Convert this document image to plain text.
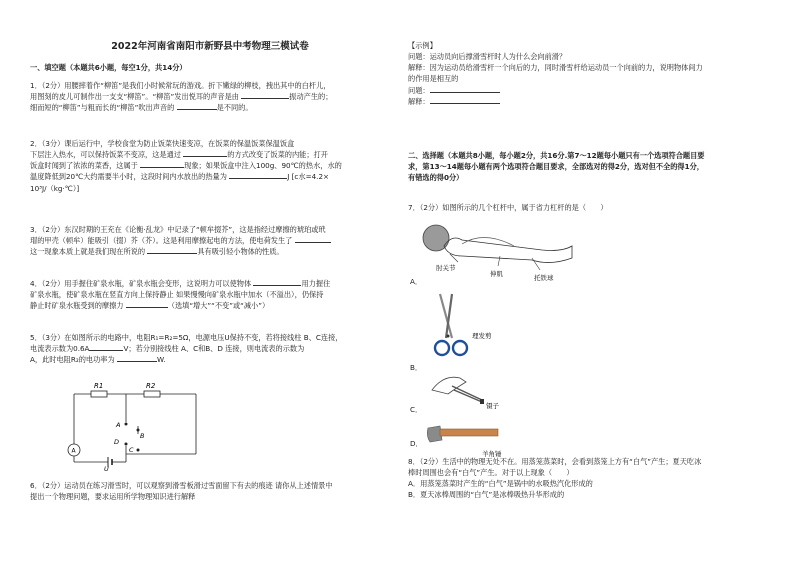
2022年河南省南阳市新野县中考物理三模试卷
一、填空题（本题共6小题，每空1分，共14分）
1．（2分）用腰摔着作“柳笛”是我们小时候常玩的游戏。折下嫩绿的柳枝，拽出其中的白杆儿，
用图刻的皮儿可制作出一支支“柳笛”。“柳笛”发出悦耳的声音是由	振动产生的；
细而短的“柳笛”与粗而长的“柳笛”吹出声音的	是不同的。
2．（3分）课后运行中，学校食堂为防止饭菜快速变凉，在饭菜的保温饭菜保温饭盒
下层注入热水，可以保持饭菜不变凉，这是通过	的方式改变了饭菜的内能；打开
饭盒时闻到了浓浓的菜香，这属于	现象；如果饭盒中注入100g、90℃的热水，水的
温度降低到20℃大约需要半小时，这段时间内水放出的热量为	J [c水=4.2×
10³J/（kg·℃）]
3．（2分）东汉时期的王充在《论衡·乱龙》中记录了“顿牟掇芥”，这是指经过摩擦的琥珀或玳
瑁的甲壳（顿牟）能吸引（掇）芥（芥）。这是利用摩擦起电的方法，使电荷发生了
这一现象本质上就是我们现在所说的	具有吸引轻小物体的性质。
4．（2分）用手握住矿泉水瓶，矿泉水瓶会变形，这说明力可以使物体	用力握住
矿泉水瓶，使矿泉水瓶在竖直方向上保持静止 如果慢慢向矿泉水瓶中加水（不溢出），仍保持
静止时矿泉水瓶受到的摩擦力	（选填“增大”“不变”或“减小”）
5．（3分）在如图所示的电路中，电阻R₁=R₂=5Ω，电源电压U保持不变，若将接线柱 B、C连接，
电流表示数为0.6A	V；若分别接线柱 A、C和B、D 连接，则电流表的示数为
A，此时电阻R₂的电功率为	W.
R1	R2
A
B
C
D
A
U
6．（2分）运动员在练习滑雪时，可以观察到滑雪板滑过雪面留下有去的痕迹 请你从上述情景中
提出一个物理问题，要求运用所学物理知识进行解释
【示例】
问题：运动员向后撑滑雪杆时人为什么会向前滑？
解释：因为运动员给滑雪杆一个向后的力，同时滑雪杆给运动员一个向前的力，说明物体间力
的作用是相互的
问题：
解释：
二、选择题（本题共8小题，每小题2分，共16分.第7～12题每小题只有一个选项符合题目要
求，第13～14题每小题有两个选项符合题目要求，全部选对的得2分，选对但不全的得1分，
有错选的得0分）
7．（2分）如图所示的几个杠杆中，属于省力杠杆的是（　　）
A．
肘关节
伸肌	托铁球
B．
理发剪
C．	镊子
D．
羊角锤
8．（2分）生活中的物理无处不在。用蒸笼蒸菜时，会看到蒸笼上方有“白气”产生；夏天吃冰
棒时周围也会有“白气”产生。对于以上现象（　　）
A．用蒸笼蒸菜时产生的“白气”是锅中的水吸热汽化形成的
B．夏天冰棒周围的“白气”是冰棒吸热升华形成的
